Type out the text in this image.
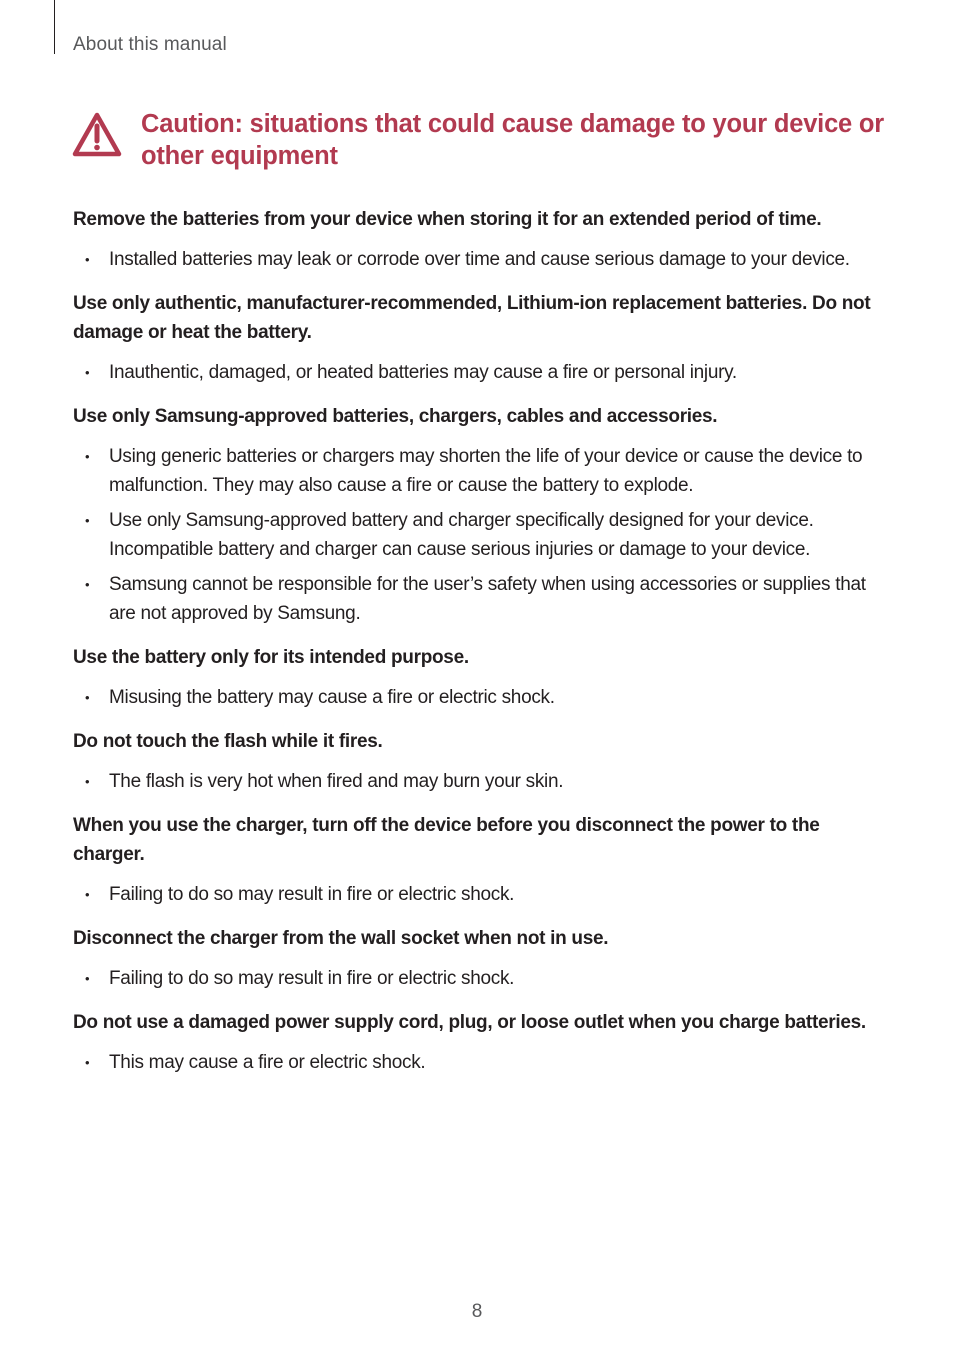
About this manual
Caution: situations that could cause damage to your device or other equipment

Remove the batteries from your device when storing it for an extended period of time.

• Installed batteries may leak or corrode over time and cause serious damage to your device.

Use only authentic, manufacturer-recommended, Lithium-ion replacement batteries. Do not damage or heat the battery.

• Inauthentic, damaged, or heated batteries may cause a fire or personal injury.

Use only Samsung-approved batteries, chargers, cables and accessories.

• Using generic batteries or chargers may shorten the life of your device or cause the device to malfunction. They may also cause a fire or cause the battery to explode.
• Use only Samsung-approved battery and charger specifically designed for your device. Incompatible battery and charger can cause serious injuries or damage to your device.
• Samsung cannot be responsible for the user’s safety when using accessories or supplies that are not approved by Samsung.

Use the battery only for its intended purpose.

• Misusing the battery may cause a fire or electric shock.

Do not touch the flash while it fires.

• The flash is very hot when fired and may burn your skin.

When you use the charger, turn off the device before you disconnect the power to the charger.

• Failing to do so may result in fire or electric shock.

Disconnect the charger from the wall socket when not in use.

• Failing to do so may result in fire or electric shock.

Do not use a damaged power supply cord, plug, or loose outlet when you charge batteries.

• This may cause a fire or electric shock.
8
